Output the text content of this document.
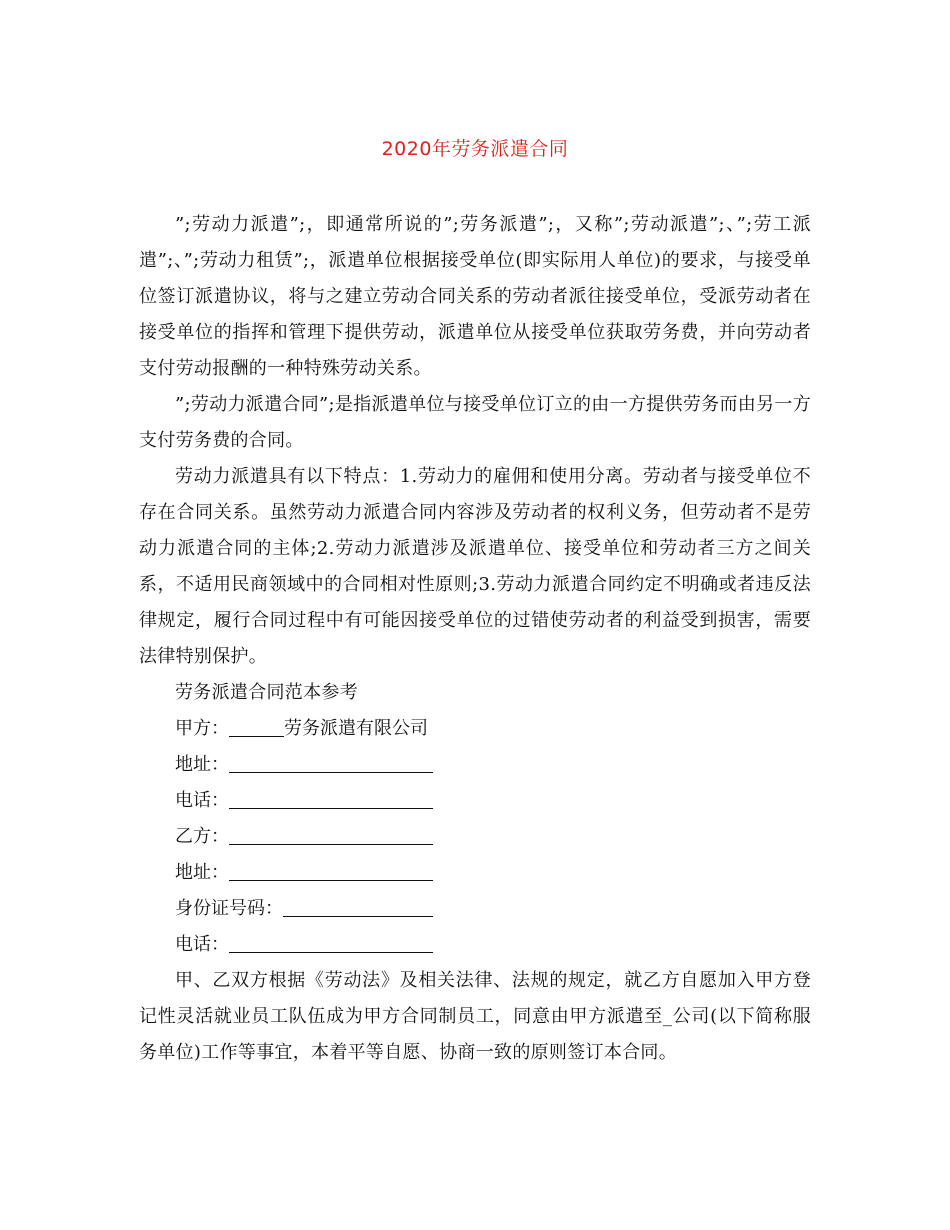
2020年劳务派遣合同

”;劳动力派遣”;，即通常所说的”;劳务派遣”;，又称”;劳动派遣”;、”;劳工派遣”;、”;劳动力租赁”;，派遣单位根据接受单位(即实际用人单位)的要求，与接受单位签订派遣协议，将与之建立劳动合同关系的劳动者派往接受单位，受派劳动者在接受单位的指挥和管理下提供劳动，派遣单位从接受单位获取劳务费，并向劳动者支付劳动报酬的一种特殊劳动关系。

”;劳动力派遣合同”;是指派遣单位与接受单位订立的由一方提供劳务而由另一方支付劳务费的合同。

劳动力派遣具有以下特点：1.劳动力的雇佣和使用分离。劳动者与接受单位不存在合同关系。虽然劳动力派遣合同内容涉及劳动者的权利义务，但劳动者不是劳动力派遣合同的主体;2.劳动力派遣涉及派遣单位、接受单位和劳动者三方之间关系，不适用民商领域中的合同相对性原则;3.劳动力派遣合同约定不明确或者违反法律规定，履行合同过程中有可能因接受单位的过错使劳动者的利益受到损害，需要法律特别保护。

劳务派遣合同范本参考

甲方：	劳务派遣有限公司
地址：
电话：
乙方：
地址：
身份证号码：
电话：

甲、乙双方根据《劳动法》及相关法律、法规的规定，就乙方自愿加入甲方登记性灵活就业员工队伍成为甲方合同制员工，同意由甲方派遣至_公司(以下简称服务单位)工作等事宜，本着平等自愿、协商一致的原则签订本合同。
